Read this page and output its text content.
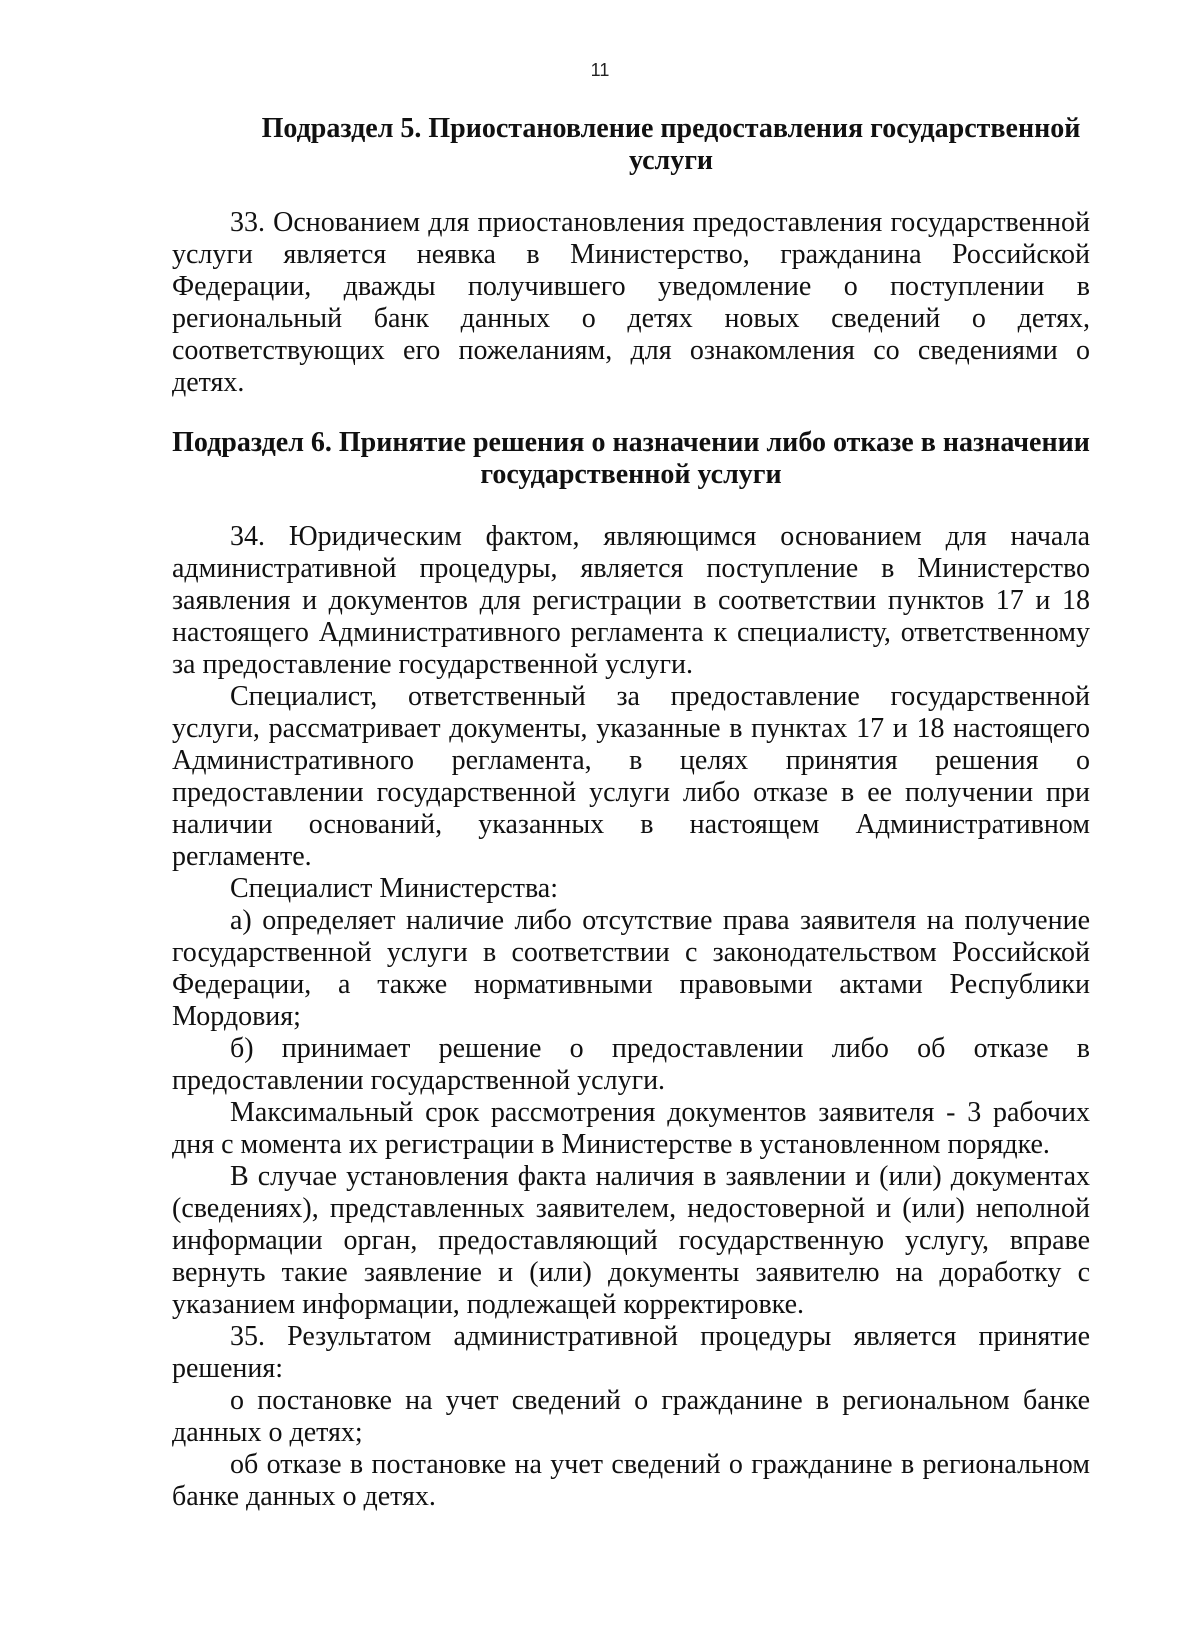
11

Подраздел 5. Приостановление предоставления государственной услуги

33. Основанием для приостановления предоставления государственной услуги является неявка в Министерство, гражданина Российской Федерации, дважды получившего уведомление о поступлении в региональный банк данных о детях новых сведений о детях, соответствующих его пожеланиям, для ознакомления со сведениями о детях.

Подраздел 6. Принятие решения о назначении либо отказе в назначении государственной услуги

34. Юридическим фактом, являющимся основанием для начала административной процедуры, является поступление в Министерство заявления и документов для регистрации в соответствии пунктов 17 и 18 настоящего Административного регламента к специалисту, ответственному за предоставление государственной услуги.

Специалист, ответственный за предоставление государственной услуги, рассматривает документы, указанные в пунктах 17 и 18 настоящего Административного регламента, в целях принятия решения о предоставлении государственной услуги либо отказе в ее получении при наличии оснований, указанных в настоящем Административном регламенте.

Специалист Министерства:

а) определяет наличие либо отсутствие права заявителя на получение государственной услуги в соответствии с законодательством Российской Федерации, а также нормативными правовыми актами Республики Мордовия;

б) принимает решение о предоставлении либо об отказе в предоставлении государственной услуги.

Максимальный срок рассмотрения документов заявителя - 3 рабочих дня с момента их регистрации в Министерстве в установленном порядке.

В случае установления факта наличия в заявлении и (или) документах (сведениях), представленных заявителем, недостоверной и (или) неполной информации орган, предоставляющий государственную услугу, вправе вернуть такие заявление и (или) документы заявителю на доработку с указанием информации, подлежащей корректировке.

35. Результатом административной процедуры является принятие решения:

о постановке на учет сведений о гражданине в региональном банке данных о детях;

об отказе в постановке на учет сведений о гражданине в региональном банке данных о детях.
